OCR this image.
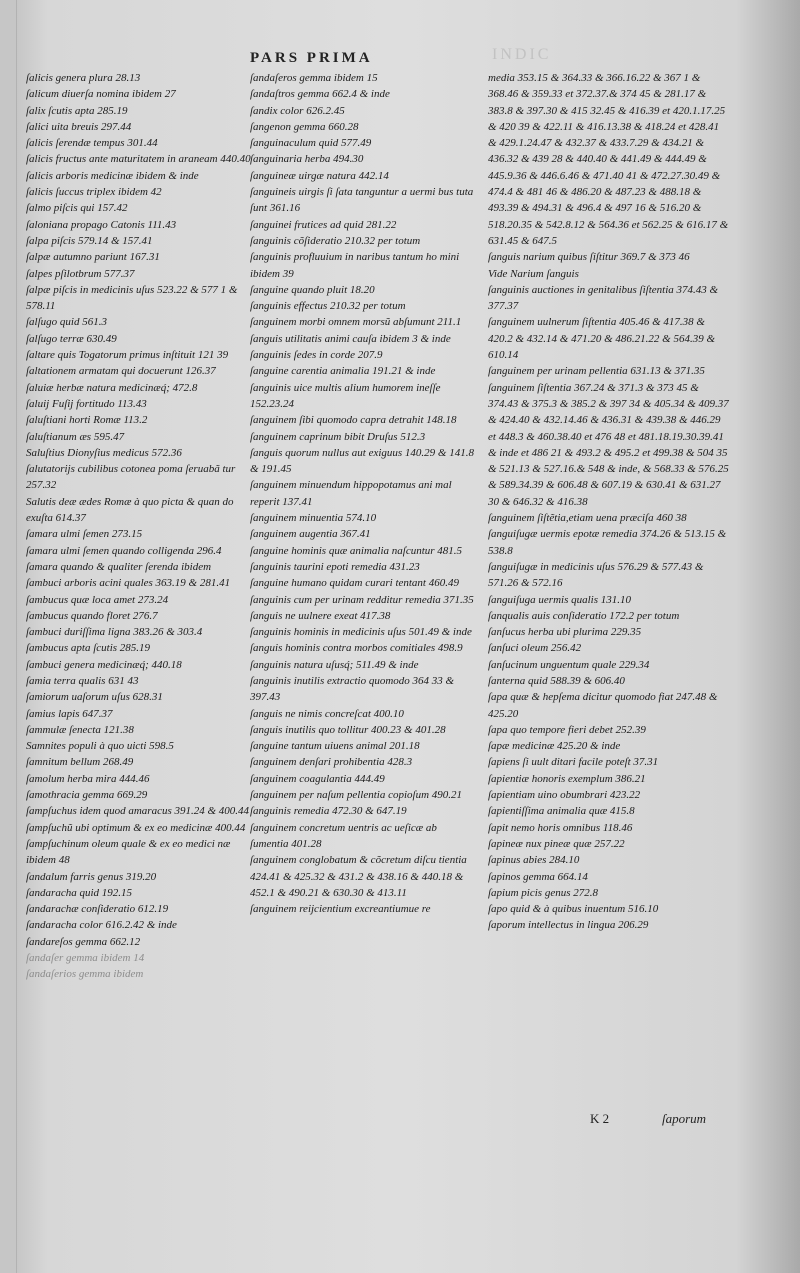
PARS PRIMA	INDIC

ſalicis genera plura 28.13

ſalicum diuerſa nomina ibidem 27

ſalix ſcutis apta 285.19

ſalici uita breuis 297.44

ſalicis ſerendæ tempus 301.44

ſalicis fructus ante maturitatem in araneam 440.40

ſalicis arboris medicinæ ibidem & inde

ſalicis ſuccus triplex ibidem 42

ſalmo piſcis qui 157.42

ſaloniana propago Catonis 111.43

ſalpa piſcis 579.14 & 157.41

ſalpæ autumno pariunt 167.31

ſalpes pſilotbrum 577.37

ſalpæ piſcis in medicinis uſus 523.22 & 577 1 & 578.11

ſalſugo quid 561.3

ſalſugo terræ 630.49

ſaltare quis Togatorum primus inſtituit 121 39

ſaltationem armatam qui docuerunt 126.37

ſaluiæ herbæ natura medicinæq́; 472.8

ſaluij Fuſij fortitudo 113.43

ſaluſtiani horti Romæ 113.2

ſaluſtianum æs 595.47

Saluſtius Dionyſius medicus 572.36

ſalutatorijs cubilibus cotonea poma ſeruabã tur 257.32

Salutis deæ ædes Romæ à quo picta & quan do exuſta 614.37

ſamara ulmi ſemen 273.15

ſamara ulmi ſemen quando colligenda 296.4

ſamara quando & qualiter ſerenda ibidem

ſambuci arboris acini quales 363.19 & 281.41

ſambucus quæ loca amet 273.24

ſambucus quando floret 276.7

ſambuci duriſſima ligna 383.26 & 303.4

ſambucus apta ſcutis 285.19

ſambuci genera medicinæq́; 440.18

ſamia terra qualis 631 43

ſamiorum uaſorum uſus 628.31

ſamius lapis 647.37

ſammulæ ſenecta 121.38

Samnites populi à quo uicti 598.5

ſamnitum bellum 268.49

ſamolum herba mira 444.46

ſamothracia gemma 669.29

ſampſuchus idem quod amaracus 391.24 & 400.44

ſampſuchũ ubi optimum & ex eo medicinæ 400.44

ſampſuchinum oleum quale & ex eo medici næ ibidem 48

ſandalum farris genus 319.20

ſandaracha quid 192.15

ſandarachæ conſideratio 612.19

ſandaracha color 616.2.42 & inde

ſandareſos gemma 662.12

ſandaſer gemma ibidem 14

ſandaſerios gemma ibidem

ſandaſeros gemma ibidem 15

ſandaſtros gemma 662.4 & inde

ſandix color 626.2.45

ſangenon gemma 660.28

ſanguinaculum quid 577.49

ſanguinaria herba 494.30

ſanguineæ uirgæ natura 442.14

ſanguineis uirgis ſi ſata tanguntur a uermi bus tuta ſunt 361.16

ſanguinei frutices ad quid 281.22

ſanguinis cõſideratio 210.32 per totum

ſanguinis profluuium in naribus tantum ho mini ibidem 39

ſanguine quando pluit 18.20

ſanguinis effectus 210.32 per totum

ſanguinem morbi omnem morsũ abſumunt 211.1

ſanguis utilitatis animi cauſa ibidem 3 & inde

ſanguinis ſedes in corde 207.9

ſanguine carentia animalia 191.21 & inde

ſanguinis uice multis alium humorem ineſſe 152.23.24

ſanguinem ſibi quomodo capra detrahit 148.18

ſanguinem caprinum bibit Druſus 512.3

ſanguis quorum nullus aut exiguus 140.29 & 141.8 & 191.45

ſanguinem minuendum hippopotamus ani mal reperit 137.41

ſanguinem minuentia 574.10

ſanguinem augentia 367.41

ſanguine hominis quæ animalia naſcuntur 481.5

ſanguinis taurini epoti remedia 431.23

ſanguine humano quidam curari tentant 460.49

ſanguinis cum per urinam redditur remedia 371.35

ſanguis ne uulnere exeat 417.38

ſanguinis hominis in medicinis uſus 501.49 & inde

ſanguis hominis contra morbos comitiales 498.9

ſanguinis natura uſusq́; 511.49 & inde

ſanguinis inutilis extractio quomodo 364 33 & 397.43

ſanguis ne nimis concreſcat 400.10

ſanguis inutilis quo tollitur 400.23 & 401.28

ſanguine tantum uiuens animal 201.18

ſanguinem denſari prohibentia 428.3

ſanguinem coagulantia 444.49

ſanguinem per naſum pellentia copioſum 490.21

ſanguinis remedia 472.30 & 647.19

ſanguinem concretum uentris ac ueſicæ ab ſumentia 401.28

ſanguinem conglobatum & cõcretum diſcu tientia 424.41 & 425.32 & 431.2 & 438.16 & 440.18 & 452.1 & 490.21 & 630.30 & 413.11

ſanguinem reijcientium excreantiumue re

media 353.15 & 364.33 & 366.16.22 & 367 1 & 368.46 & 359.33 et 372.37.& 374 45 & 281.17 & 383.8 & 397.30 & 415 32.45 & 416.39 et 420.1.17.25 & 420 39 & 422.11 & 416.13.38 & 418.24 et 428.41 & 429.1.24.47 & 432.37 & 433.7.29 & 434.21 & 436.32 & 439 28 & 440.40 & 441.49 & 444.49 & 445.9.36 & 446.6.46 & 471.40 41 & 472.27.30.49 & 474.4 & 481 46 & 486.20 & 487.23 & 488.18 & 493.39 & 494.31 & 496.4 & 497 16 & 516.20 & 518.20.35 & 542.8.12 & 564.36 et 562.25 & 616.17 & 631.45 & 647.5

ſanguis narium quibus ſiſtitur 369.7 & 373 46

Vide Narium ſanguis

ſanguinis auctiones in genitalibus ſiſtentia 374.43 & 377.37

ſanguinem uulnerum ſiſtentia 405.46 & 417.38 & 420.2 & 432.14 & 471.20 & 486.21.22 & 564.39 & 610.14

ſanguinem per urinam pellentia 631.13 & 371.35

ſanguinem ſiſtentia 367.24 & 371.3 & 373 45 & 374.43 & 375.3 & 385.2 & 397 34 & 405.34 & 409.37 & 424.40 & 432.14.46 & 436.31 & 439.38 & 446.29 et 448.3 & 460.38.40 et 476 48 et 481.18.19.30.39.41 & inde et 486 21 & 493.2 & 495.2 et 499.38 & 504 35 & 521.13 & 527.16.& 548 & inde, & 568.33 & 576.25 & 589.34.39 & 606.48 & 607.19 & 630.41 & 631.27 30 & 646.32 & 416.38

ſanguinem ſiſtẽtia,etiam uena præciſa 460 38

ſanguiſugæ uermis epotæ remedia 374.26 & 513.15 & 538.8

ſanguiſugæ in medicinis uſus 576.29 & 577.43 & 571.26 & 572.16

ſanguiſuga uermis qualis 131.10

ſanqualis auis conſideratio 172.2 per totum

ſanſucus herba ubi plurima 229.35

ſanſuci oleum 256.42

ſanſucinum unguentum quale 229.34

ſanterna quid 588.39 & 606.40

ſapa quæ & hepſema dicitur quomodo fiat 247.48 & 425.20

ſapa quo tempore fieri debet 252.39

ſapæ medicinæ 425.20 & inde

ſapiens ſi uult ditari facile poteſt 37.31

ſapientiæ honoris exemplum 386.21

ſapientiam uino obumbrari 423.22

ſapientiſſima animalia quæ 415.8

ſapit nemo horis omnibus 118.46

ſapineæ nux pineæ quæ 257.22

ſapinus abies 284.10

ſapinos gemma 664.14

ſapium picis genus 272.8

ſapo quid & à quibus inuentum 516.10

ſaporum intellectus in lingua 206.29

K 2	ſaporum
